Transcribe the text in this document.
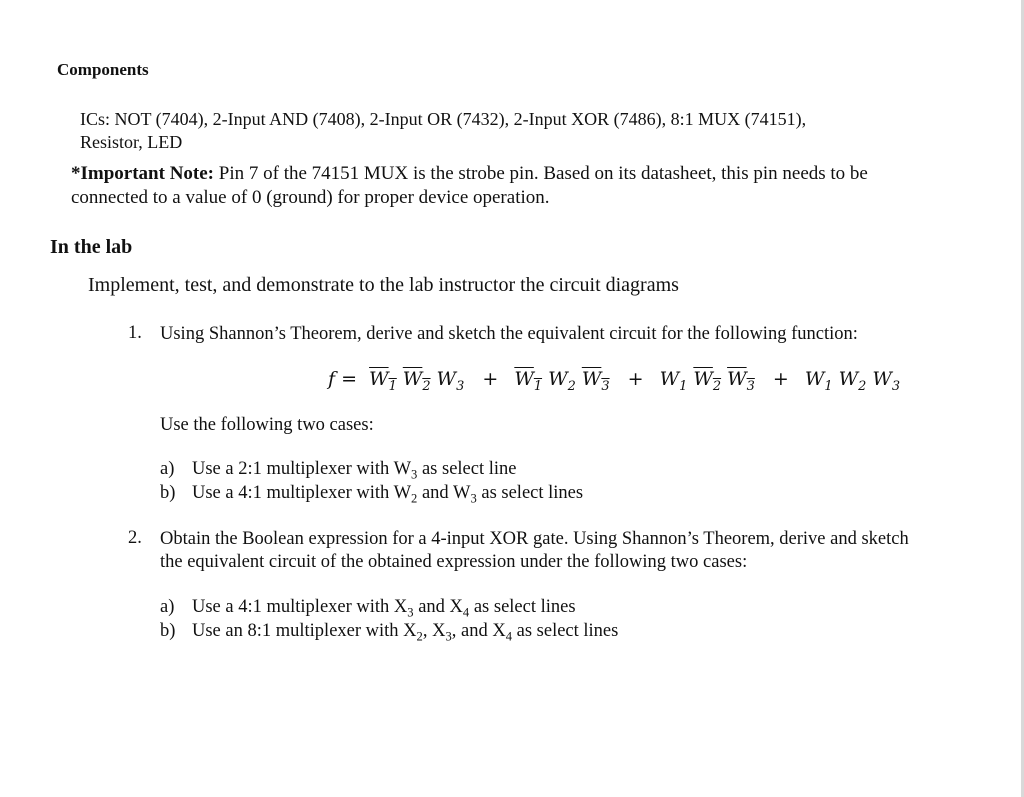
Components
ICs: NOT (7404), 2-Input AND (7408), 2-Input OR (7432), 2-Input XOR (7486), 8:1 MUX (74151),
Resistor, LED
*Important Note: Pin 7 of the 74151 MUX is the strobe pin. Based on its datasheet, this pin needs to be
connected to a value of 0 (ground) for proper device operation.
In the lab
Implement, test, and demonstrate to the lab instructor the circuit diagrams
1. Using Shannon’s Theorem, derive and sketch the equivalent circuit for the following function:
$f = W_1$ $W_2$ $W_3 + W_1$ $W_2$ $W_3 + W_1$ $W_2$ $W_3 + W_1$ $W_2$ $W_3$
Use the following two cases:
a) Use a 2:1 multiplexer with $W_3$ as select line
b) Use a 4:1 multiplexer with $W_2$ and $W_3$ as select lines
2. Obtain the Boolean expression for a 4-input XOR gate. Using Shannon’s Theorem, derive and sketch
the equivalent circuit of the obtained expression under the following two cases:
a) Use a 4:1 multiplexer with $X_3$ and $X_4$ as select lines
b) Use an 8:1 multiplexer with $X_2$, $X_3$, and $X_4$ as select lines
